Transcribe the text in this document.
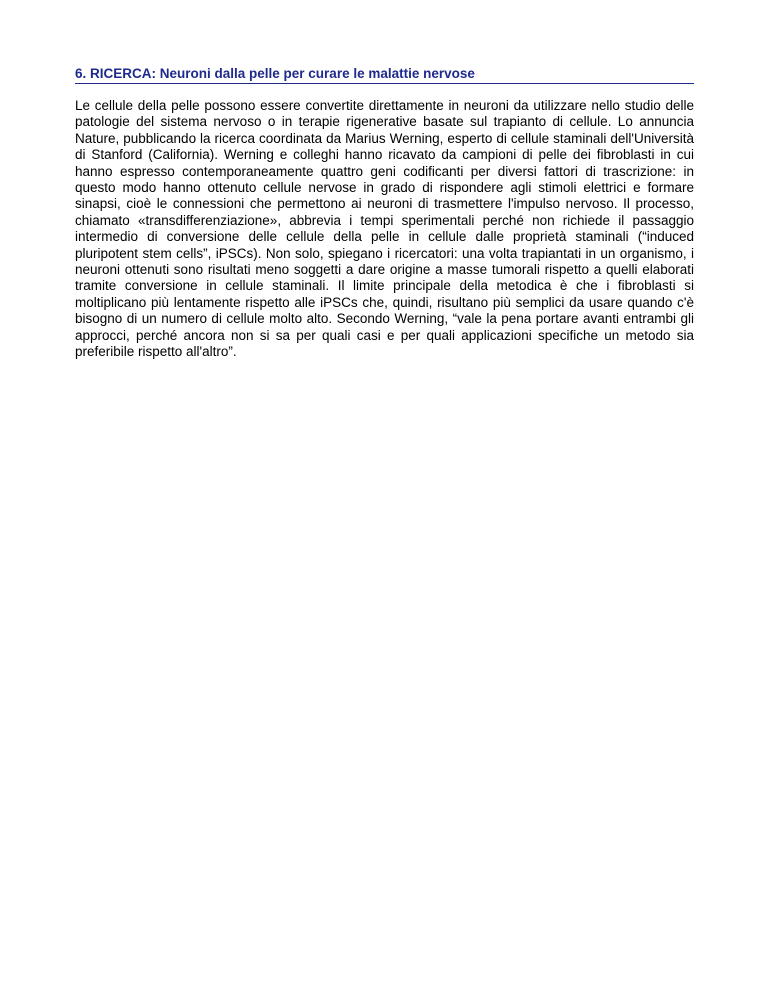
6. RICERCA: Neuroni dalla pelle per curare le malattie nervose

Le cellule della pelle possono essere convertite direttamente in neuroni da utilizzare nello studio delle patologie del sistema nervoso o in terapie rigenerative basate sul trapianto di cellule. Lo annuncia Nature, pubblicando la ricerca coordinata da Marius Werning, esperto di cellule staminali dell'Università di Stanford (California). Werning e colleghi hanno ricavato da campioni di pelle dei fibroblasti in cui hanno espresso contemporaneamente quattro geni codificanti per diversi fattori di trascrizione: in questo modo hanno ottenuto cellule nervose in grado di rispondere agli stimoli elettrici e formare sinapsi, cioè le connessioni che permettono ai neuroni di trasmettere l'impulso nervoso. Il processo, chiamato «transdifferenziazione», abbrevia i tempi sperimentali perché non richiede il passaggio intermedio di conversione delle cellule della pelle in cellule dalle proprietà staminali (“induced pluripotent stem cells”, iPSCs). Non solo, spiegano i ricercatori: una volta trapiantati in un organismo, i neuroni ottenuti sono risultati meno soggetti a dare origine a masse tumorali rispetto a quelli elaborati tramite conversione in cellule staminali. Il limite principale della metodica è che i fibroblasti si moltiplicano più lentamente rispetto alle iPSCs che, quindi, risultano più semplici da usare quando c'è bisogno di un numero di cellule molto alto. Secondo Werning, “vale la pena portare avanti entrambi gli approcci, perché ancora non si sa per quali casi e per quali applicazioni specifiche un metodo sia preferibile rispetto all'altro”.
